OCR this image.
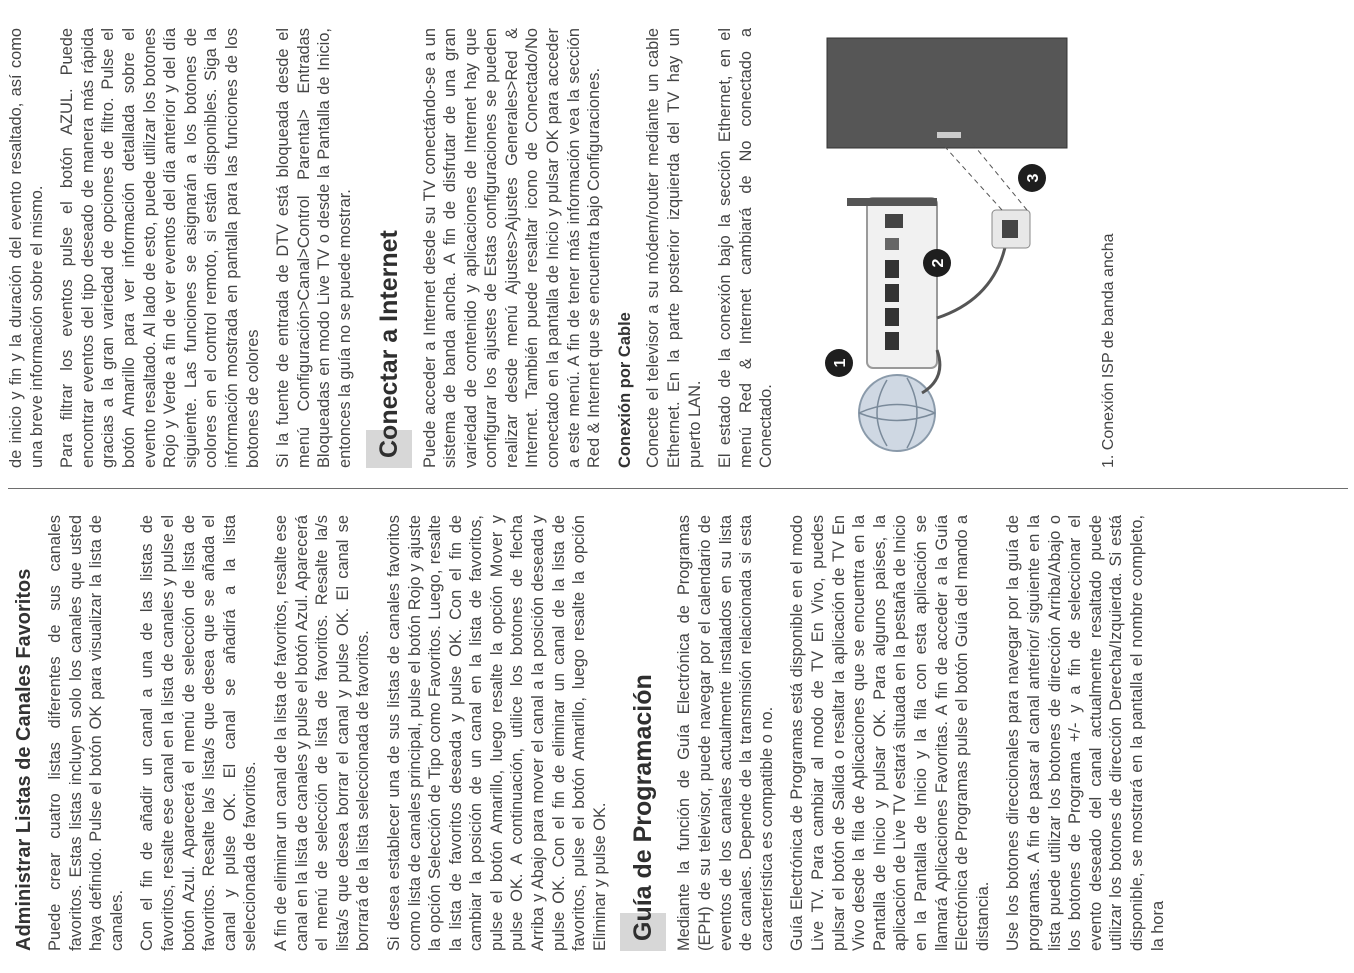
Administrar Listas de Canales Favoritos Puede crear cuatro listas diferentes de sus canales favoritos. Estas listas incluyen solo los canales que usted haya definido. Pulse el botón OK para visualizar la lista de canales. Con el fin de añadir un canal a una de las listas de favoritos, resalte ese canal en la lista de canales y pulse el botón Azul. Aparecerá el menú de selección de lista de favoritos. Resalte la/s lista/s que desea que se añada el canal y pulse OK. El canal se añadirá a la lista seleccionada de favoritos. A fin de eliminar un canal de la lista de favoritos, resalte ese canal en la lista de canales y pulse el botón Azul. Aparecerá el menú de selección de lista de favoritos. Resalte la/s lista/s que desea borrar el canal y pulse OK. El canal se borrará de la lista seleccionada de favoritos. Si desea establecer una de sus listas de canales favoritos como lista de canales principal, pulse el botón Rojo y ajuste la opción Selección de Tipo como Favoritos. Luego, resalte la lista de favoritos deseada y pulse OK. Con el fin de cambiar la posición de un canal en la lista de favoritos, pulse el botón Amarillo, luego resalte la opción Mover y pulse OK. A continuación, utilice los botones de flecha Arriba y Abajo para mover el canal a la posición deseada y pulse OK. Con el fin de eliminar un canal de la lista de favoritos, pulse el botón Amarillo, luego resalte la opción Eliminar y pulse OK. Guía de Programación	Mediante la función de Guía Electrónica de Programas (EPH) de su televisor, puede navegar por el calendario de eventos de los canales actualmente instalados en su lista de canales. Depende de la transmisión relacionada si esta característica es compatible o no. Guía Electrónica de Programas está disponible en el modo Live TV. Para cambiar al modo de TV En Vivo, puedes pulsar el botón de Salida o resaltar la aplicación de TV En Vivo desde la fila de Aplicaciones que se encuentra en la Pantalla de Inicio y pulsar OK. Para algunos países, la aplicación de Live TV estará situada en la pestaña de Inicio en la Pantalla de Inicio y la fila con esta aplicación se llamará Aplicaciones Favoritas. A fin de acceder a la Guía Electrónica de Programas pulse el botón Guía del mando a distancia. Use los botones direccionales para navegar por la guía de programas. A fin de pasar al canal anterior/ siguiente en la lista puede utilizar los botones de dirección Arriba/Abajo o los botones de Programa +/- y a fin de seleccionar el evento deseado del canal actualmente resaltado puede utilizar los botones de dirección Derecha/Izquierda. Si está disponible, se mostrará en la pantalla el nombre completo, la hora

de inicio y fin y la duración del evento resaltado, así como una breve información sobre el mismo. Para filtrar los eventos pulse el botón AZUL. Puede encontrar eventos del tipo deseado de manera más rápida gracias a la gran variedad de opciones de filtro. Pulse el botón Amarillo para ver información detallada sobre el evento resaltado. Al lado de esto, puede utilizar los botones Rojo y Verde a fin de ver eventos del día anterior y del día siguiente. Las funciones se asignarán a los botones de colores en el control remoto, si están disponibles. Siga la información mostrada en pantalla para las funciones de los botones de colores Si la fuente de entrada de DTV está bloqueada desde el menú Configuración>Canal>Control Parental> Entradas Bloqueadas en modo Live TV o desde la Pantalla de Inicio, entonces la guía no se puede mostrar. Conectar a Internet	Puede acceder a Internet desde su TV conectándo-se a un sistema de banda ancha. A fin de disfrutar de una gran variedad de contenido y aplicaciones de Internet hay que configurar los ajustes de Estas configuraciones se pueden realizar desde menú Ajustes>Ajustes Generales>Red & Internet. También puede resaltar icono de Conectado/No conectado en la pantalla de Inicio y pulsar OK para acceder a este menú. A fin de tener más información vea la sección Red & Internet que se encuentra bajo Configuraciones. Conexión por Cable Conecte el televisor a su módem/router mediante un cable Ethernet. En la parte posterior izquierda del TV hay un puerto LAN. El estado de la conexión bajo la sección Ethernet, en el menú Red & Internet cambiará de No conectado a Conectado.

1
2
3

1. Conexión ISP de banda ancha
